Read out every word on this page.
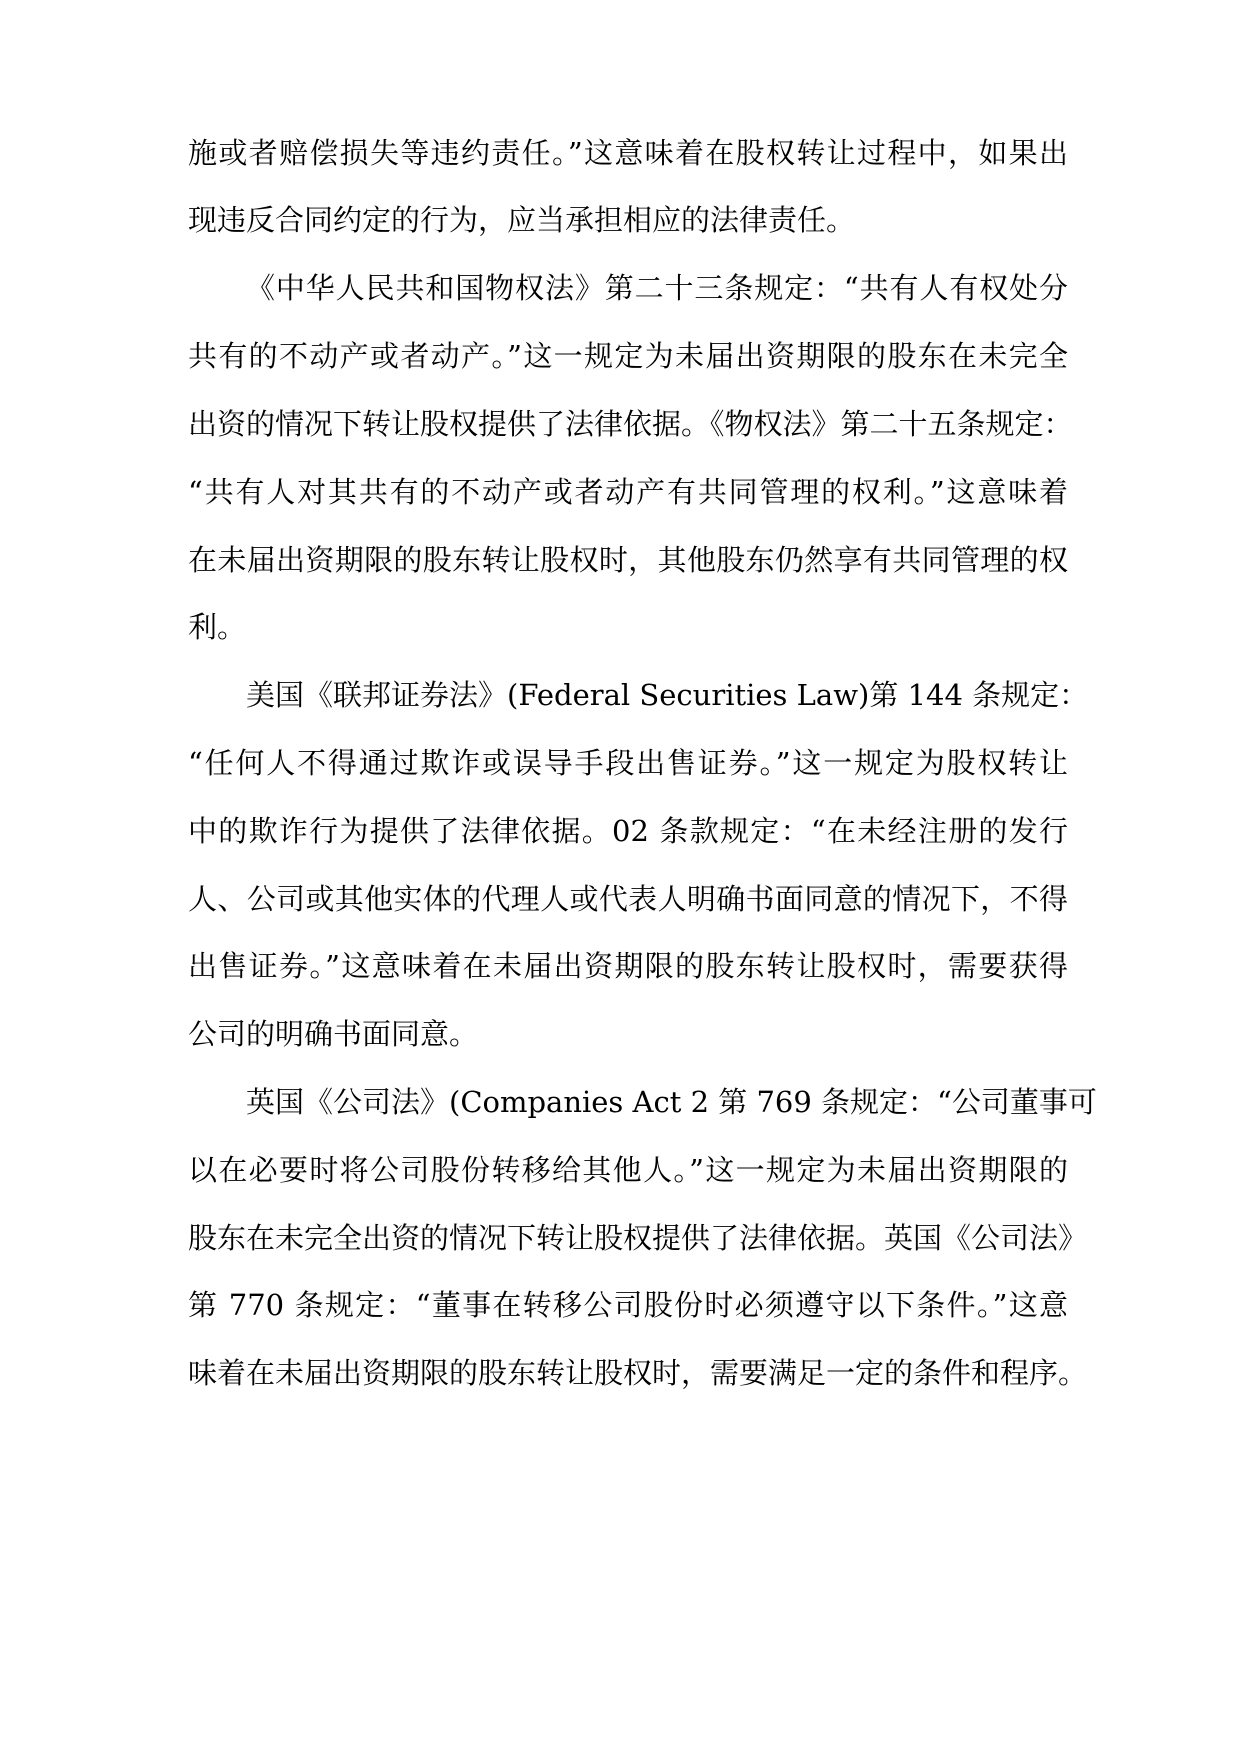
施或者赔偿损失等违约责任。”这意味着在股权转让过程中，如果出
现违反合同约定的行为，应当承担相应的法律责任。
《中华人民共和国物权法》第二十三条规定：“共有人有权处分
共有的不动产或者动产。”这一规定为未届出资期限的股东在未完全
出资的情况下转让股权提供了法律依据。《物权法》第二十五条规定：
“共有人对其共有的不动产或者动产有共同管理的权利。”这意味着
在未届出资期限的股东转让股权时，其他股东仍然享有共同管理的权
利。
美国《联邦证券法》(Federal Securities Law)第 144 条规定：
“任何人不得通过欺诈或误导手段出售证券。”这一规定为股权转让
中的欺诈行为提供了法律依据。02 条款规定：“在未经注册的发行
人、公司或其他实体的代理人或代表人明确书面同意的情况下，不得
出售证券。”这意味着在未届出资期限的股东转让股权时，需要获得
公司的明确书面同意。
英国《公司法》(Companies Act 2 第 769 条规定：“公司董事可
以在必要时将公司股份转移给其他人。”这一规定为未届出资期限的
股东在未完全出资的情况下转让股权提供了法律依据。英国《公司法》
第 770 条规定：“董事在转移公司股份时必须遵守以下条件。”这意
味着在未届出资期限的股东转让股权时，需要满足一定的条件和程序。
